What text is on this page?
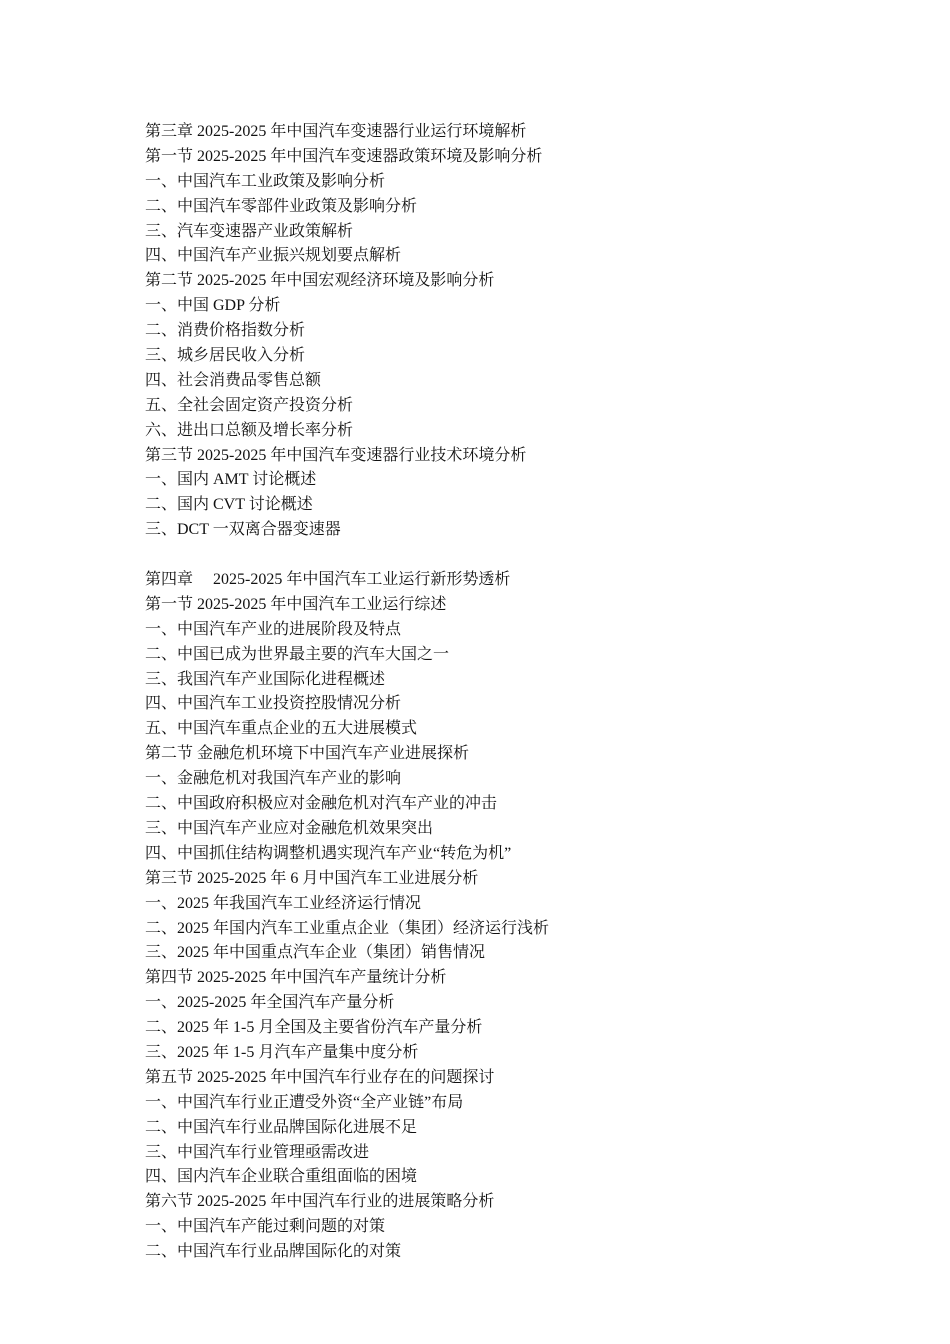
第三章 2025-2025 年中国汽车变速器行业运行环境解析
第一节 2025-2025 年中国汽车变速器政策环境及影响分析
一、中国汽车工业政策及影响分析
二、中国汽车零部件业政策及影响分析
三、汽车变速器产业政策解析
四、中国汽车产业振兴规划要点解析
第二节 2025-2025 年中国宏观经济环境及影响分析
一、中国 GDP 分析
二、消费价格指数分析
三、城乡居民收入分析
四、社会消费品零售总额
五、全社会固定资产投资分析
六、进出口总额及增长率分析
第三节 2025-2025 年中国汽车变速器行业技术环境分析
一、国内 AMT 讨论概述
二、国内 CVT 讨论概述
三、DCT 一双离合器变速器
第四章　 2025-2025 年中国汽车工业运行新形势透析
第一节 2025-2025 年中国汽车工业运行综述
一、中国汽车产业的进展阶段及特点
二、中国已成为世界最主要的汽车大国之一
三、我国汽车产业国际化进程概述
四、中国汽车工业投资控股情况分析
五、中国汽车重点企业的五大进展模式
第二节 金融危机环境下中国汽车产业进展探析
一、金融危机对我国汽车产业的影响
二、中国政府积极应对金融危机对汽车产业的冲击
三、中国汽车产业应对金融危机效果突出
四、中国抓住结构调整机遇实现汽车产业“转危为机”
第三节 2025-2025 年 6 月中国汽车工业进展分析
一、2025 年我国汽车工业经济运行情况
二、2025 年国内汽车工业重点企业（集团）经济运行浅析
三、2025 年中国重点汽车企业（集团）销售情况
第四节 2025-2025 年中国汽车产量统计分析
一、2025-2025 年全国汽车产量分析
二、2025 年 1-5 月全国及主要省份汽车产量分析
三、2025 年 1-5 月汽车产量集中度分析
第五节 2025-2025 年中国汽车行业存在的问题探讨
一、中国汽车行业正遭受外资“全产业链”布局
二、中国汽车行业品牌国际化进展不足
三、中国汽车行业管理亟需改进
四、国内汽车企业联合重组面临的困境
第六节 2025-2025 年中国汽车行业的进展策略分析
一、中国汽车产能过剩问题的对策
二、中国汽车行业品牌国际化的对策
